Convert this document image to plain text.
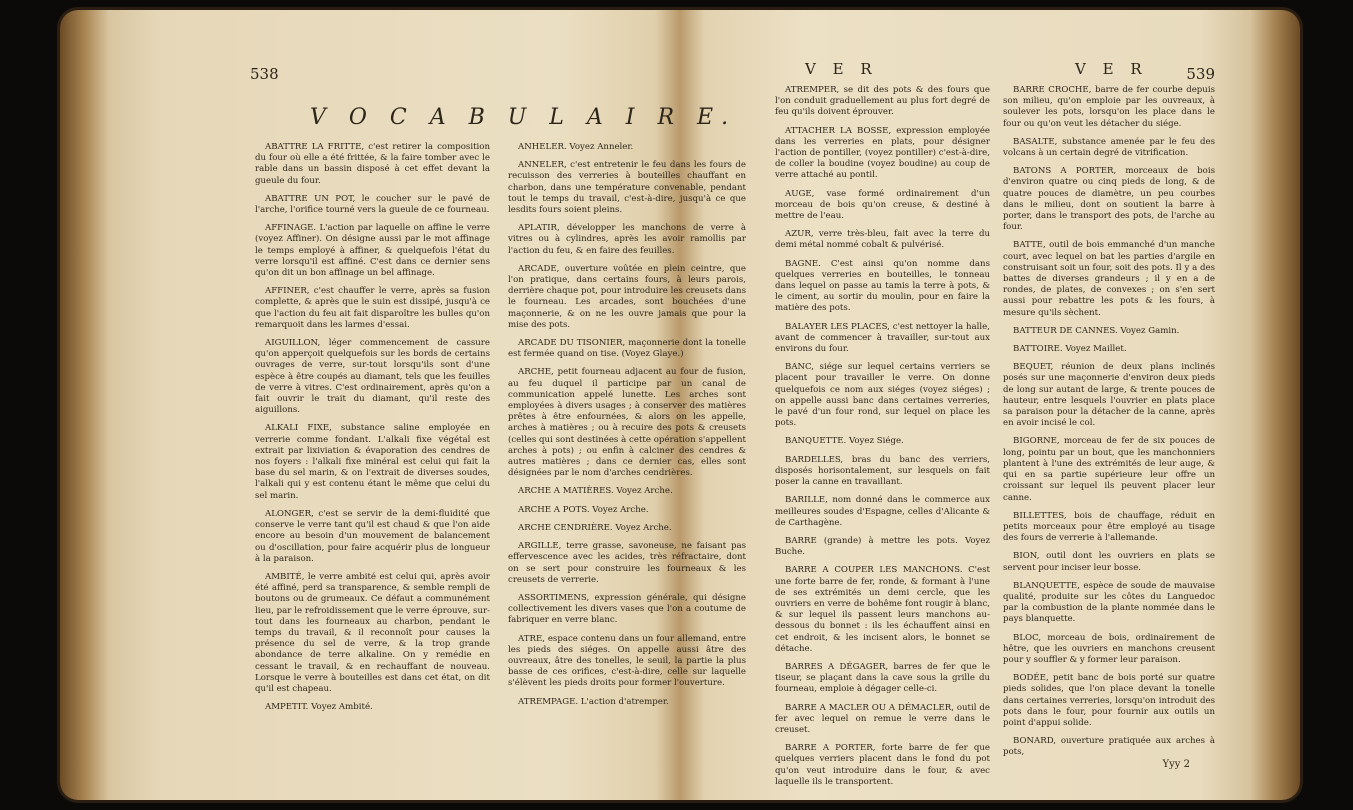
538
V O C A B U L A I R E.

ABATTRE LA FRITTE, c'est retirer la composition du four où elle a été frittée, & la faire tomber avec le rable dans un bassin disposé à cet effet devant la gueule du four.

ABATTRE UN POT, le coucher sur le pavé de l'arche, l'orifice tourné vers la gueule de ce fourneau.

AFFINAGE. L'action par laquelle on affine le verre (voyez Affiner). On désigne aussi par le mot affinage le temps employé à affiner, & quelquefois l'état du verre lorsqu'il est affiné. C'est dans ce dernier sens qu'on dit un bon affinage un bel affinage.

AFFINER, c'est chauffer le verre, après sa fusion complette, & après que le suin est dissipé, jusqu'à ce que l'action du feu ait fait disparoître les bulles qu'on remarquoit dans les larmes d'essai.

AIGUILLON, léger commencement de cassure qu'on apperçoit quelquefois sur les bords de certains ouvrages de verre, sur-tout lorsqu'ils sont d'une espèce à être coupés au diamant, tels que les feuilles de verre à vitres. C'est ordinairement, après qu'on a fait ouvrir le trait du diamant, qu'il reste des aiguillons.

ALKALI FIXE, substance saline employée en verrerie comme fondant. L'alkali fixe végétal est extrait par lixiviation & évaporation des cendres de nos foyers : l'alkali fixe minéral est celui qui fait la base du sel marin, & on l'extrait de diverses soudes, l'alkali qui y est contenu étant le même que celui du sel marin.

ALONGER, c'est se servir de la demi-fluidité que conserve le verre tant qu'il est chaud & que l'on aide encore au besoin d'un mouvement de balancement ou d'oscillation, pour faire acquérir plus de longueur à la paraison.

AMBITÉ, le verre ambité est celui qui, après avoir été affiné, perd sa transparence, & semble rempli de boutons ou de grumeaux. Ce défaut a communément lieu, par le refroidissement que le verre éprouve, sur-tout dans les fourneaux au charbon, pendant le temps du travail, & il reconnoît pour causes la présence du sel de verre, & la trop grande abondance de terre alkaline. On y remédie en cessant le travail, & en rechauffant de nouveau. Lorsque le verre à bouteilles est dans cet état, on dit qu'il est chapeau.

AMPETIT. Voyez Ambité.

ANHELER. Voyez Anneler.

ANNELER, c'est entretenir le feu dans les fours de recuisson des verreries à bouteilles chauffant en charbon, dans une température convenable, pendant tout le temps du travail, c'est-à-dire, jusqu'à ce que lesdits fours soient pleins.

APLATIR, développer les manchons de verre à vitres ou à cylindres, après les avoir ramollis par l'action du feu, & en faire des feuilles.

ARCADE, ouverture voûtée en plein ceintre, que l'on pratique, dans certains fours, à leurs parois, derrière chaque pot, pour introduire les creusets dans le fourneau. Les arcades, sont bouchées d'une maçonnerie, & on ne les ouvre jamais que pour la mise des pots.

ARCADE DU TISONIER, maçonnerie dont la tonelle est fermée quand on tise. (Voyez Glaye.)

ARCHE, petit fourneau adjacent au four de fusion, au feu duquel il participe par un canal de communication appelé lunette. Les arches sont employées à divers usages ; à conserver des matières prêtes à être enfournées, & alors on les appelle, arches à matières ; ou à recuire des pots & creusets (celles qui sont destinées à cette opération s'appellent arches à pots) ; ou enfin à calciner des cendres & autres matières ; dans ce dernier cas, elles sont désignées par le nom d'arches cendrières.

ARCHE A MATIÈRES. Voyez Arche.

ARCHE A POTS. Voyez Arche.

ARCHE CENDRIÈRE. Voyez Arche.

ARGILLE, terre grasse, savoneuse, ne faisant pas effervescence avec les acides, très réfractaire, dont on se sert pour construire les fourneaux & les creusets de verrerie.

ASSORTIMENS, expression générale, qui désigne collectivement les divers vases que l'on a coutume de fabriquer en verre blanc.

ATRE, espace contenu dans un four allemand, entre les pieds des siéges. On appelle aussi âtre des ouvreaux, âtre des tonelles, le seuil, la partie la plus basse de ces orifices, c'est-à-dire, celle sur laquelle s'élèvent les pieds droits pour former l'ouverture.

ATREMPAGE. L'action d'atremper.

V E R	V E R	539

ATREMPER, se dit des pots & des fours que l'on conduit graduellement au plus fort degré de feu qu'ils doivent éprouver.

ATTACHER LA BOSSE, expression employée dans les verreries en plats, pour désigner l'action de pontiller, (voyez pontiller) c'est-à-dire, de coller la boudine (voyez boudine) au coup de verre attaché au pontil.

AUGE, vase formé ordinairement d'un morceau de bois qu'on creuse, & destiné à mettre de l'eau.

AZUR, verre très-bleu, fait avec la terre du demi métal nommé cobalt & pulvérisé.

BAGNE. C'est ainsi qu'on nomme dans quelques verreries en bouteilles, le tonneau dans lequel on passe au tamis la terre à pots, & le ciment, au sortir du moulin, pour en faire la matière des pots.

BALAYER LES PLACES, c'est nettoyer la halle, avant de commencer à travailler, sur-tout aux environs du four.

BANC, siége sur lequel certains verriers se placent pour travailler le verre. On donne quelquefois ce nom aux siéges (voyez siéges) ; on appelle aussi banc dans certaines verreries, le pavé d'un four rond, sur lequel on place les pots.

BANQUETTE. Voyez Siége.

BARDELLES, bras du banc des verriers, disposés horisontalement, sur lesquels on fait poser la canne en travaillant.

BARILLE, nom donné dans le commerce aux meilleures soudes d'Espagne, celles d'Alicante & de Carthagène.

BARRE (grande) à mettre les pots. Voyez Buche.

BARRE A COUPER LES MANCHONS. C'est une forte barre de fer, ronde, & formant à l'une de ses extrémités un demi cercle, que les ouvriers en verre de bohême font rougir à blanc, & sur lequel ils passent leurs manchons au-dessous du bonnet : ils les échauffent ainsi en cet endroit, & les incisent alors, le bonnet se détache.

BARRES A DÉGAGER, barres de fer que le tiseur, se plaçant dans la cave sous la grille du fourneau, emploie à dégager celle-ci.

BARRE A MACLER OU A DÉMACLER, outil de fer avec lequel on remue le verre dans le creuset.

BARRE A PORTER, forte barre de fer que quelques verriers placent dans le fond du pot qu'on veut introduire dans le four, & avec laquelle ils le transportent.

BARRE CROCHE, barre de fer courbe depuis son milieu, qu'on emploie par les ouvreaux, à soulever les pots, lorsqu'on les place dans le four ou qu'on veut les détacher du siége.

BASALTE, substance amenée par le feu des volcans à un certain degré de vitrification.

BATONS A PORTER, morceaux de bois d'environ quatre ou cinq pieds de long, & de quatre pouces de diamètre, un peu courbes dans le milieu, dont on soutient la barre à porter, dans le transport des pots, de l'arche au four.

BATTE, outil de bois emmanché d'un manche court, avec lequel on bat les parties d'argile en construisant soit un four, soit des pots. Il y a des battes de diverses grandeurs ; il y en a de rondes, de plates, de convexes ; on s'en sert aussi pour rebattre les pots & les fours, à mesure qu'ils sèchent.

BATTEUR DE CANNES. Voyez Gamin.

BATTOIRE. Voyez Maillet.

BEQUET, réunion de deux plans inclinés posés sur une maçonnerie d'environ deux pieds de long sur autant de large, & trente pouces de hauteur, entre lesquels l'ouvrier en plats place sa paraison pour la détacher de la canne, après en avoir incisé le col.

BIGORNE, morceau de fer de six pouces de long, pointu par un bout, que les manchonniers plantent à l'une des extrémités de leur auge, & qui en sa partie supérieure leur offre un croissant sur lequel ils peuvent placer leur canne.

BILLETTES, bois de chauffage, réduit en petits morceaux pour être employé au tisage des fours de verrerie à l'allemande.

BION, outil dont les ouvriers en plats se servent pour inciser leur bosse.

BLANQUETTE, espèce de soude de mauvaise qualité, produite sur les côtes du Languedoc par la combustion de la plante nommée dans le pays blanquette.

BLOC, morceau de bois, ordinairement de hêtre, que les ouvriers en manchons creusent pour y souffler & y former leur paraison.

BODÉE, petit banc de bois porté sur quatre pieds solides, que l'on place devant la tonelle dans certaines verreries, lorsqu'on introduit des pots dans le four, pour fournir aux outils un point d'appui solide.

BONARD, ouverture pratiquée aux arches à pots,

Yyy 2
